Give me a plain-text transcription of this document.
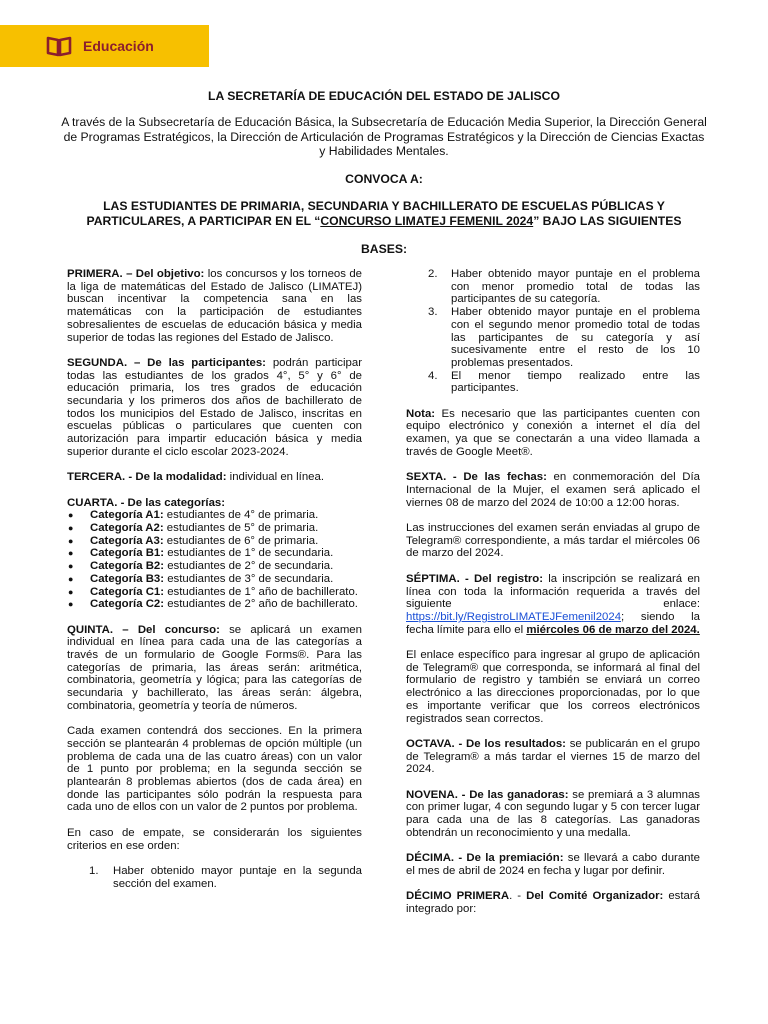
Educación
LA SECRETARÍA DE EDUCACIÓN DEL ESTADO DE JALISCO
A través de la Subsecretaría de Educación Básica, la Subsecretaría de Educación Media Superior, la Dirección General de Programas Estratégicos, la Dirección de Articulación de Programas Estratégicos y la Dirección de Ciencias Exactas y Habilidades Mentales.
CONVOCA A:
LAS ESTUDIANTES DE PRIMARIA, SECUNDARIA Y BACHILLERATO DE ESCUELAS PÚBLICAS Y PARTICULARES, A PARTICIPAR EN EL “CONCURSO LIMATEJ FEMENIL 2024” BAJO LAS SIGUIENTES
BASES:

PRIMERA. – Del objetivo: los concursos y los torneos de la liga de matemáticas del Estado de Jalisco (LIMATEJ) buscan incentivar la competencia sana en las matemáticas con la participación de estudiantes sobresalientes de escuelas de educación básica y media superior de todas las regiones del Estado de Jalisco.

SEGUNDA. – De las participantes: podrán participar todas las estudiantes de los grados 4°, 5° y 6° de educación primaria, los tres grados de educación secundaria y los primeros dos años de bachillerato de todos los municipios del Estado de Jalisco, inscritas en escuelas públicas o particulares que cuenten con autorización para impartir educación básica y media superior durante el ciclo escolar 2023-2024.

TERCERA. - De la modalidad: individual en línea.

CUARTA. - De las categorías:
● Categoría A1: estudiantes de 4° de primaria.
● Categoría A2: estudiantes de 5° de primaria.
● Categoría A3: estudiantes de 6° de primaria.
● Categoría B1: estudiantes de 1° de secundaria.
● Categoría B2: estudiantes de 2° de secundaria.
● Categoría B3: estudiantes de 3° de secundaria.
● Categoría C1: estudiantes de 1° año de bachillerato.
● Categoría C2: estudiantes de 2° año de bachillerato.

QUINTA. – Del concurso: se aplicará un examen individual en línea para cada una de las categorías a través de un formulario de Google Forms®. Para las categorías de primaria, las áreas serán: aritmética, combinatoria, geometría y lógica; para las categorías de secundaria y bachillerato, las áreas serán: álgebra, combinatoria, geometría y teoría de números.

Cada examen contendrá dos secciones. En la primera sección se plantearán 4 problemas de opción múltiple (un problema de cada una de las cuatro áreas) con un valor de 1 punto por problema; en la segunda sección se plantearán 8 problemas abiertos (dos de cada área) en donde las participantes sólo podrán la respuesta para cada uno de ellos con un valor de 2 puntos por problema.

En caso de empate, se considerarán los siguientes criterios en ese orden:

1.	Haber obtenido mayor puntaje en la segunda sección del examen.
2.	Haber obtenido mayor puntaje en el problema con menor promedio total de todas las participantes de su categoría.
3.	Haber obtenido mayor puntaje en el problema con el segundo menor promedio total de todas las participantes de su categoría y así sucesivamente entre el resto de los 10 problemas presentados.
4.	El menor tiempo realizado entre las participantes.

Nota: Es necesario que las participantes cuenten con equipo electrónico y conexión a internet el día del examen, ya que se conectarán a una video llamada a través de Google Meet®.

SEXTA. - De las fechas: en conmemoración del Día Internacional de la Mujer, el examen será aplicado el viernes 08 de marzo del 2024 de 10:00 a 12:00 horas.

Las instrucciones del examen serán enviadas al grupo de Telegram® correspondiente, a más tardar el miércoles 06 de marzo del 2024.

SÉPTIMA. - Del registro: la inscripción se realizará en línea con toda la información requerida a través del siguiente enlace: https://bit.ly/RegistroLIMATEJFemenil2024; siendo la fecha límite para ello el miércoles 06 de marzo del 2024.

El enlace específico para ingresar al grupo de aplicación de Telegram® que corresponda, se informará al final del formulario de registro y también se enviará un correo electrónico a las direcciones proporcionadas, por lo que es importante verificar que los correos electrónicos registrados sean correctos.

OCTAVA. - De los resultados: se publicarán en el grupo de Telegram® a más tardar el viernes 15 de marzo del 2024.

NOVENA. - De las ganadoras: se premiará a 3 alumnas con primer lugar, 4 con segundo lugar y 5 con tercer lugar para cada una de las 8 categorías. Las ganadoras obtendrán un reconocimiento y una medalla.

DÉCIMA. - De la premiación: se llevará a cabo durante el mes de abril de 2024 en fecha y lugar por definir.

DÉCIMO PRIMERA. - Del Comité Organizador: estará integrado por:
